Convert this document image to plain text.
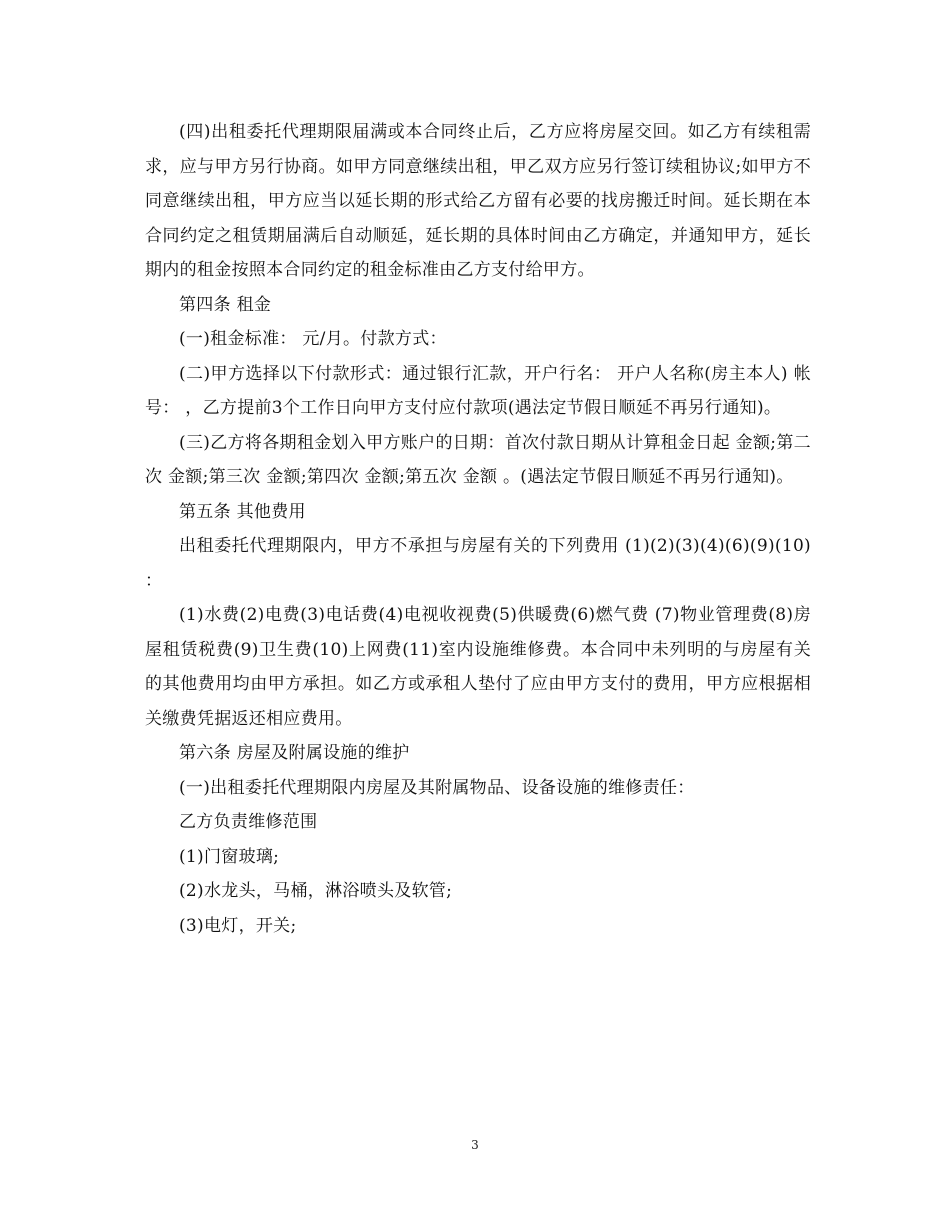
(四)出租委托代理期限届满或本合同终止后，乙方应将房屋交回。如乙方有续租需求，应与甲方另行协商。如甲方同意继续出租，甲乙双方应另行签订续租协议;如甲方不同意继续出租，甲方应当以延长期的形式给乙方留有必要的找房搬迁时间。延长期在本合同约定之租赁期届满后自动顺延，延长期的具体时间由乙方确定，并通知甲方，延长期内的租金按照本合同约定的租金标准由乙方支付给甲方。

第四条 租金

(一)租金标准： 元/月。付款方式：

(二)甲方选择以下付款形式：通过银行汇款，开户行名： 开户人名称(房主本人) 帐号： ，乙方提前3个工作日向甲方支付应付款项(遇法定节假日顺延不再另行通知)。

(三)乙方将各期租金划入甲方账户的日期：首次付款日期从计算租金日起 金额;第二次 金额;第三次 金额;第四次 金额;第五次 金额 。(遇法定节假日顺延不再另行通知)。

第五条 其他费用

出租委托代理期限内，甲方不承担与房屋有关的下列费用 (1)(2)(3)(4)(6)(9)(10) ：

(1)水费(2)电费(3)电话费(4)电视收视费(5)供暖费(6)燃气费 (7)物业管理费(8)房屋租赁税费(9)卫生费(10)上网费(11)室内设施维修费。本合同中未列明的与房屋有关的其他费用均由甲方承担。如乙方或承租人垫付了应由甲方支付的费用，甲方应根据相关缴费凭据返还相应费用。

第六条 房屋及附属设施的维护

(一)出租委托代理期限内房屋及其附属物品、设备设施的维修责任：

乙方负责维修范围

(1)门窗玻璃;

(2)水龙头，马桶，淋浴喷头及软管;

(3)电灯，开关;

3
